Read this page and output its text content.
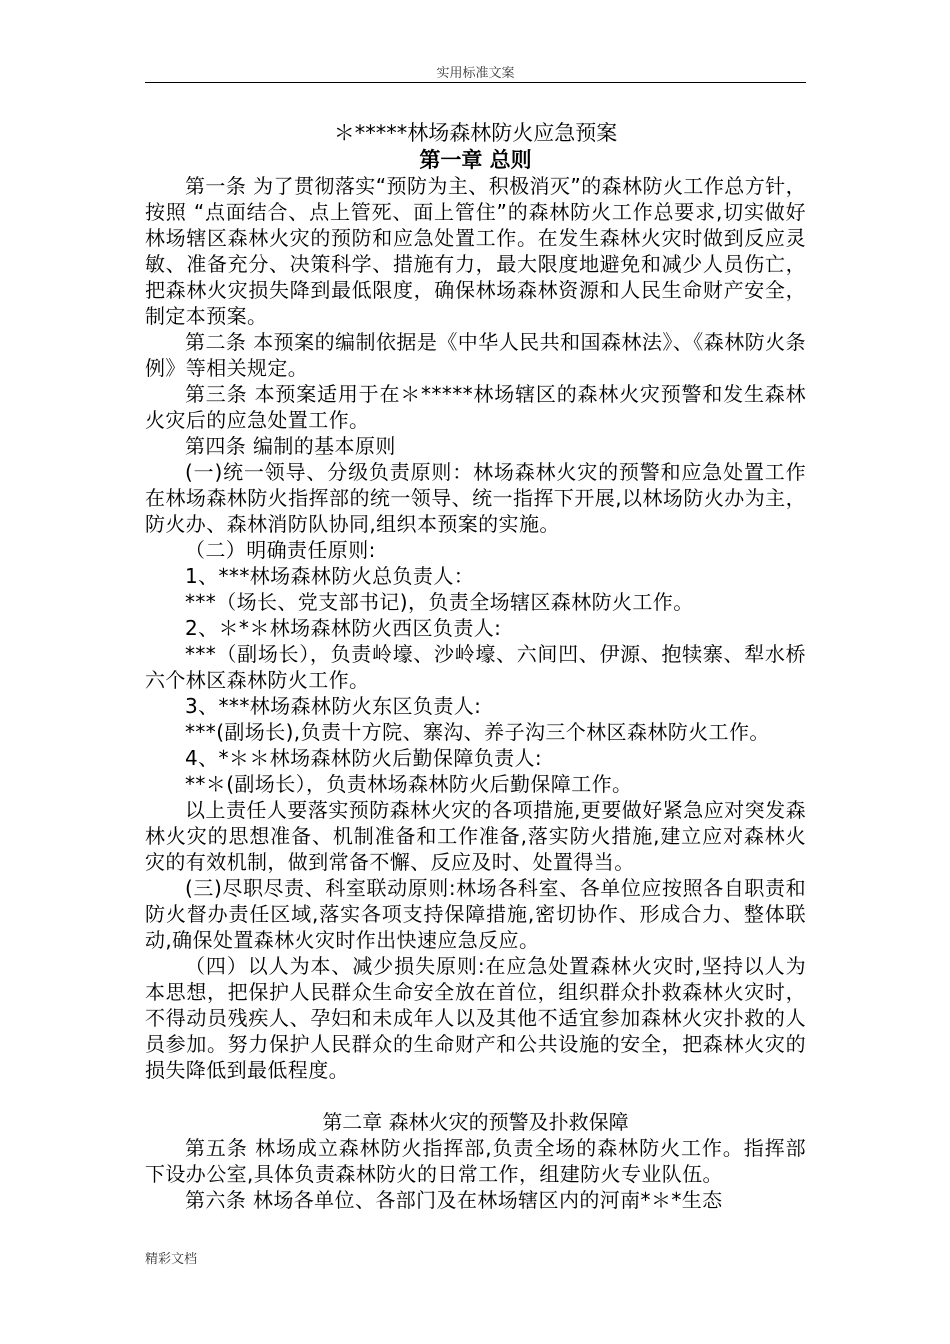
实用标准文案
＊*****林场森林防火应急预案
第一章 总则

第一条 为了贯彻落实“预防为主、积极消灭”的森林防火工作总方针，按照 “点面结合、点上管死、面上管住”的森林防火工作总要求,切实做好林场辖区森林火灾的预防和应急处置工作。在发生森林火灾时做到反应灵敏、准备充分、决策科学、措施有力，最大限度地避免和减少人员伤亡，把森林火灾损失降到最低限度，确保林场森林资源和人民生命财产安全，制定本预案。

第二条 本预案的编制依据是《中华人民共和国森林法》、《森林防火条例》等相关规定。

第三条 本预案适用于在＊*****林场辖区的森林火灾预警和发生森林火灾后的应急处置工作。

第四条 编制的基本原则

(一)统一领导、分级负责原则：林场森林火灾的预警和应急处置工作在林场森林防火指挥部的统一领导、统一指挥下开展,以林场防火办为主，防火办、森林消防队协同,组织本预案的实施。

（二）明确责任原则:

1、***林场森林防火总负责人：

***（场长、党支部书记)，负责全场辖区森林防火工作。

2、＊*＊林场森林防火西区负责人:

***（副场长），负责岭壕、沙岭壕、六间凹、伊源、抱犊寨、犁水桥六个林区森林防火工作。

3、***林场森林防火东区负责人:

***(副场长),负责十方院、寨沟、养子沟三个林区森林防火工作。

4、*＊＊林场森林防火后勤保障负责人:

**＊(副场长），负责林场森林防火后勤保障工作。

以上责任人要落实预防森林火灾的各项措施,更要做好紧急应对突发森林火灾的思想准备、机制准备和工作准备,落实防火措施,建立应对森林火灾的有效机制，做到常备不懈、反应及时、处置得当。

(三)尽职尽责、科室联动原则:林场各科室、各单位应按照各自职责和防火督办责任区域,落实各项支持保障措施,密切协作、形成合力、整体联动,确保处置森林火灾时作出快速应急反应。

（四）以人为本、减少损失原则:在应急处置森林火灾时,坚持以人为本思想，把保护人民群众生命安全放在首位，组织群众扑救森林火灾时，不得动员残疾人、孕妇和未成年人以及其他不适宜参加森林火灾扑救的人员参加。努力保护人民群众的生命财产和公共设施的安全，把森林火灾的损失降低到最低程度。

第二章 森林火灾的预警及扑救保障

第五条 林场成立森林防火指挥部,负责全场的森林防火工作。指挥部下设办公室,具体负责森林防火的日常工作，组建防火专业队伍。

第六条 林场各单位、各部门及在林场辖区内的河南*＊*生态

精彩文档
